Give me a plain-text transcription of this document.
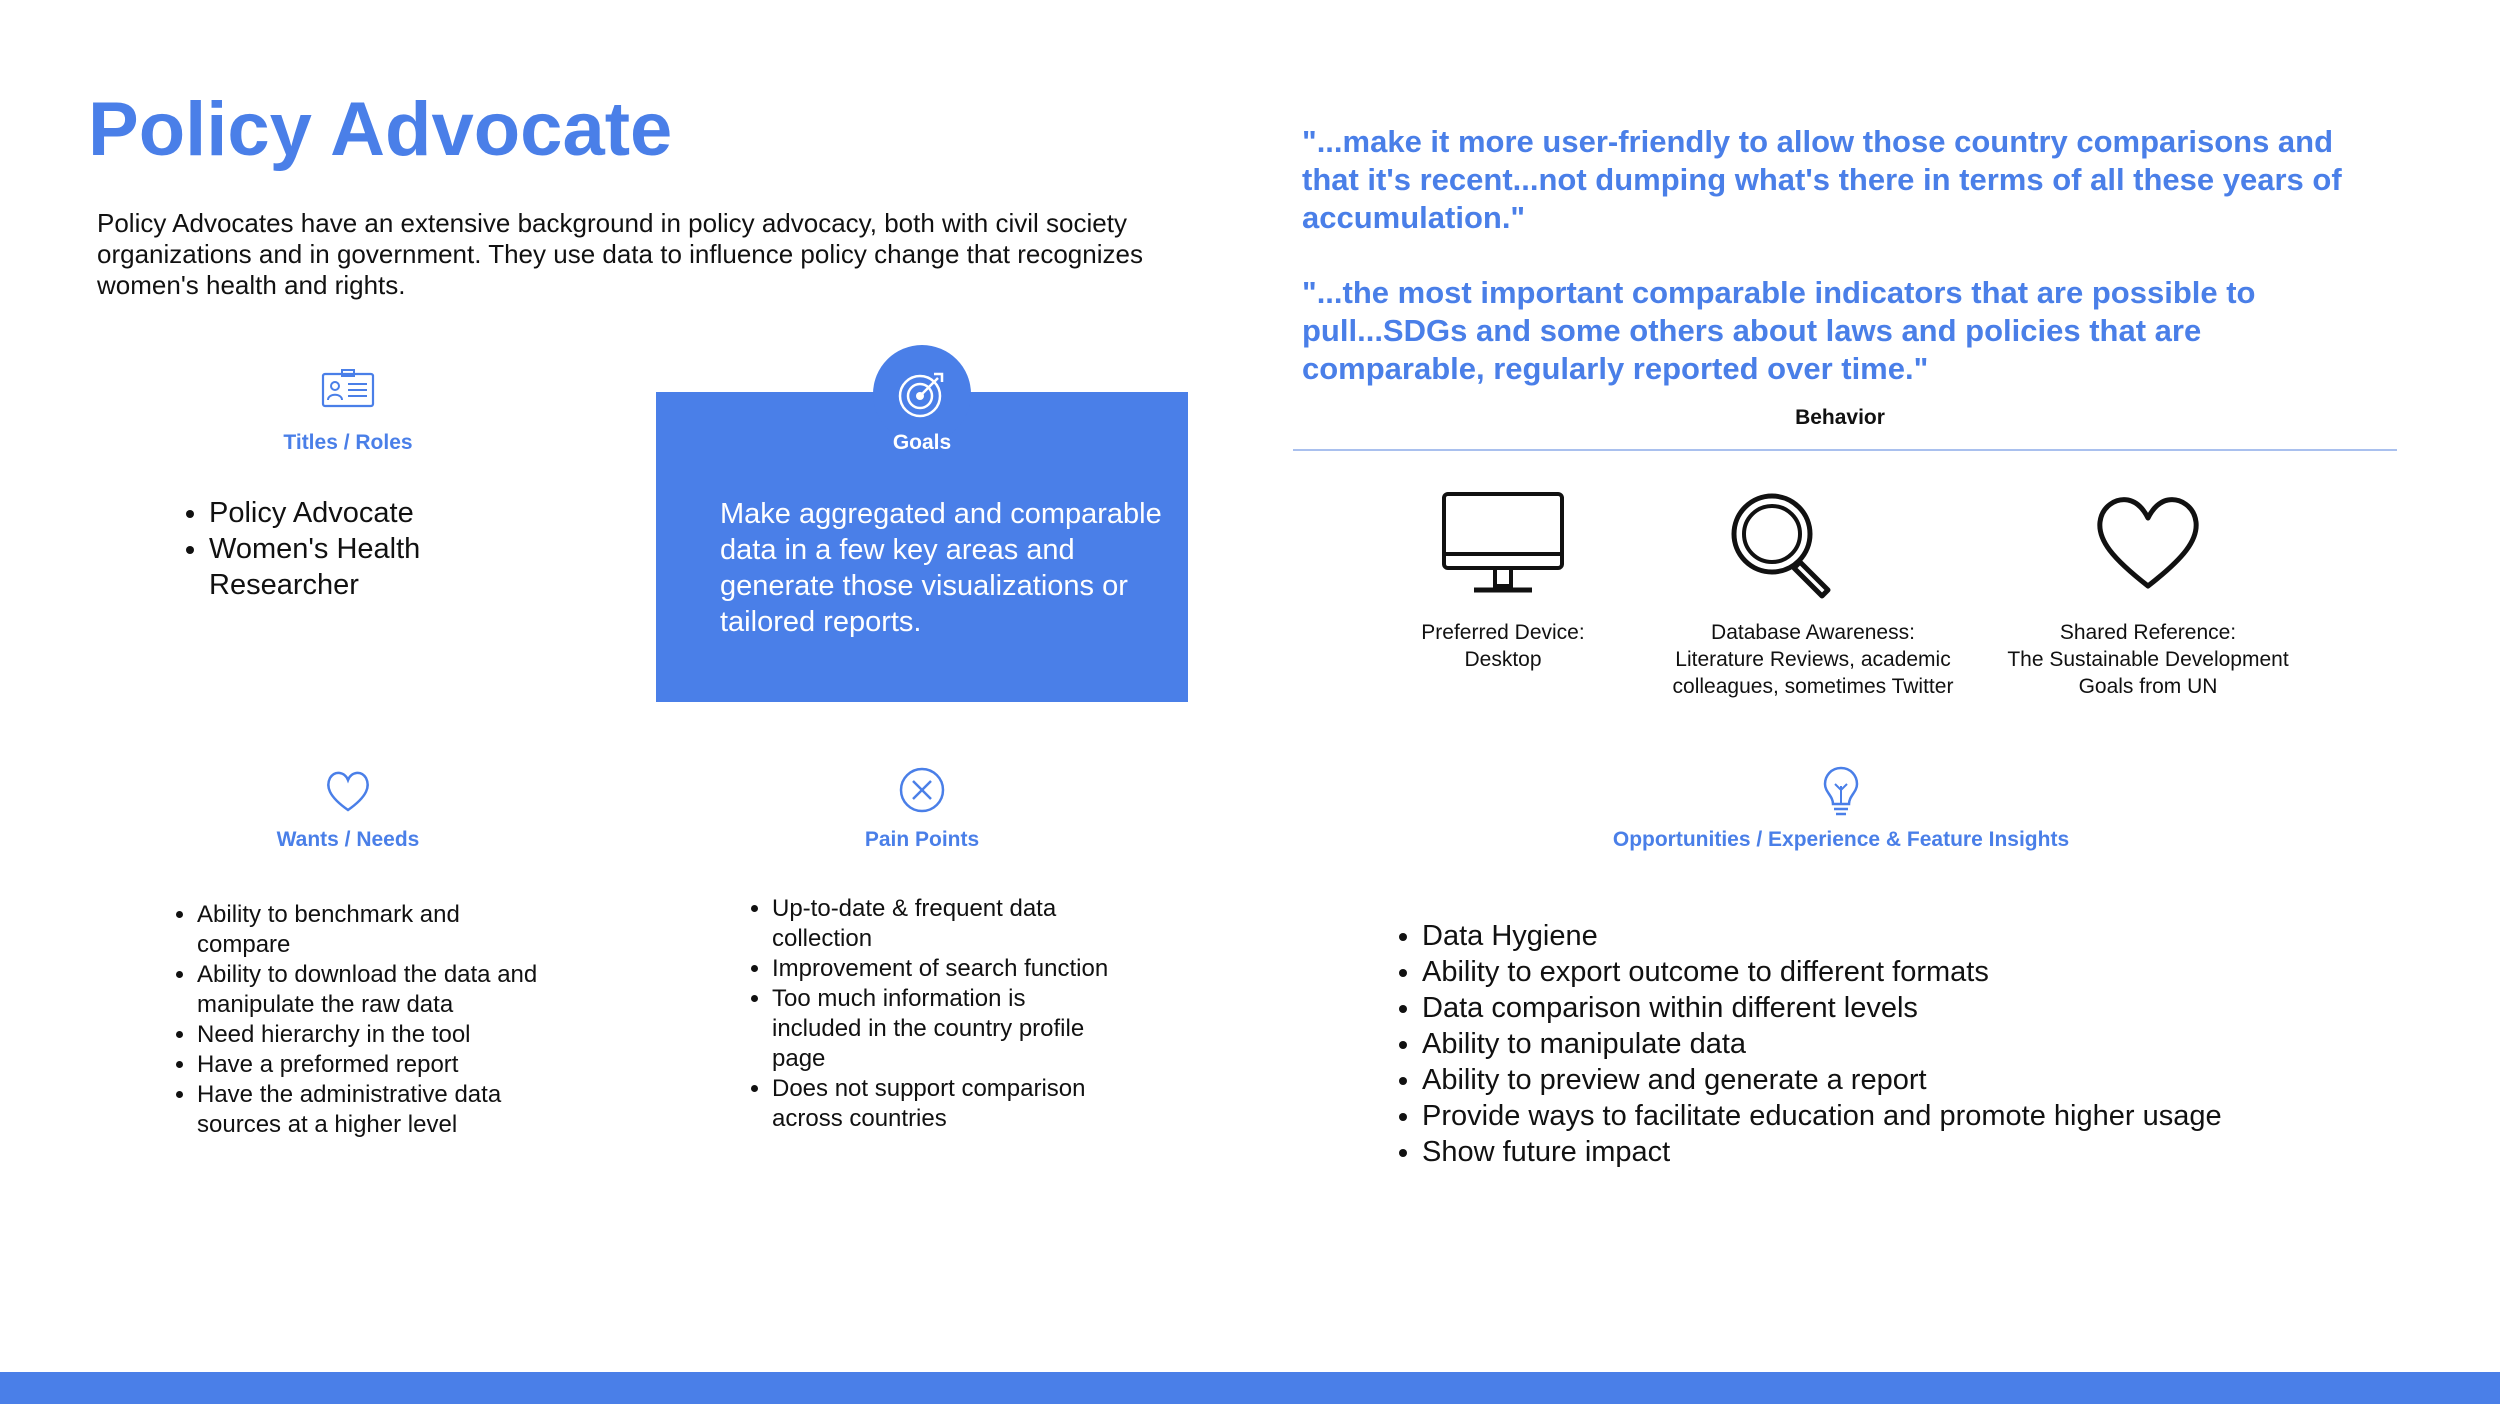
Policy Advocate

Policy Advocates have an extensive background in policy advocacy, both with civil society organizations and in government. They use data to influence policy change that recognizes women's health and rights.

Titles / Roles
• Policy Advocate
• Women's Health Researcher
Goals

Make aggregated and comparable data in a few key areas and generate those visualizations or tailored reports.

Wants / Needs
• Ability to benchmark and compare
• Ability to download the data and manipulate the raw data
• Need hierarchy in the tool
• Have a preformed report
• Have the administrative data sources at a higher level
Pain Points
• Up-to-date & frequent data collection
• Improvement of search function
• Too much information is included in the country profile page
• Does not support comparison across countries

"...make it more user-friendly to allow those country comparisons and that it's recent...not dumping what's there in terms of all these years of accumulation."

"...the most important comparable indicators that are possible to pull...SDGs and some others about laws and policies that are comparable, regularly reported over time."

Behavior
Preferred Device:
Desktop
Database Awareness:
Literature Reviews, academic colleagues, sometimes Twitter
Shared Reference:
The Sustainable Development Goals from UN
Opportunities / Experience & Feature Insights
• Data Hygiene
• Ability to export outcome to different formats
• Data comparison within different levels
• Ability to manipulate data
• Ability to preview and generate a report
• Provide ways to facilitate education and promote higher usage
• Show future impact
